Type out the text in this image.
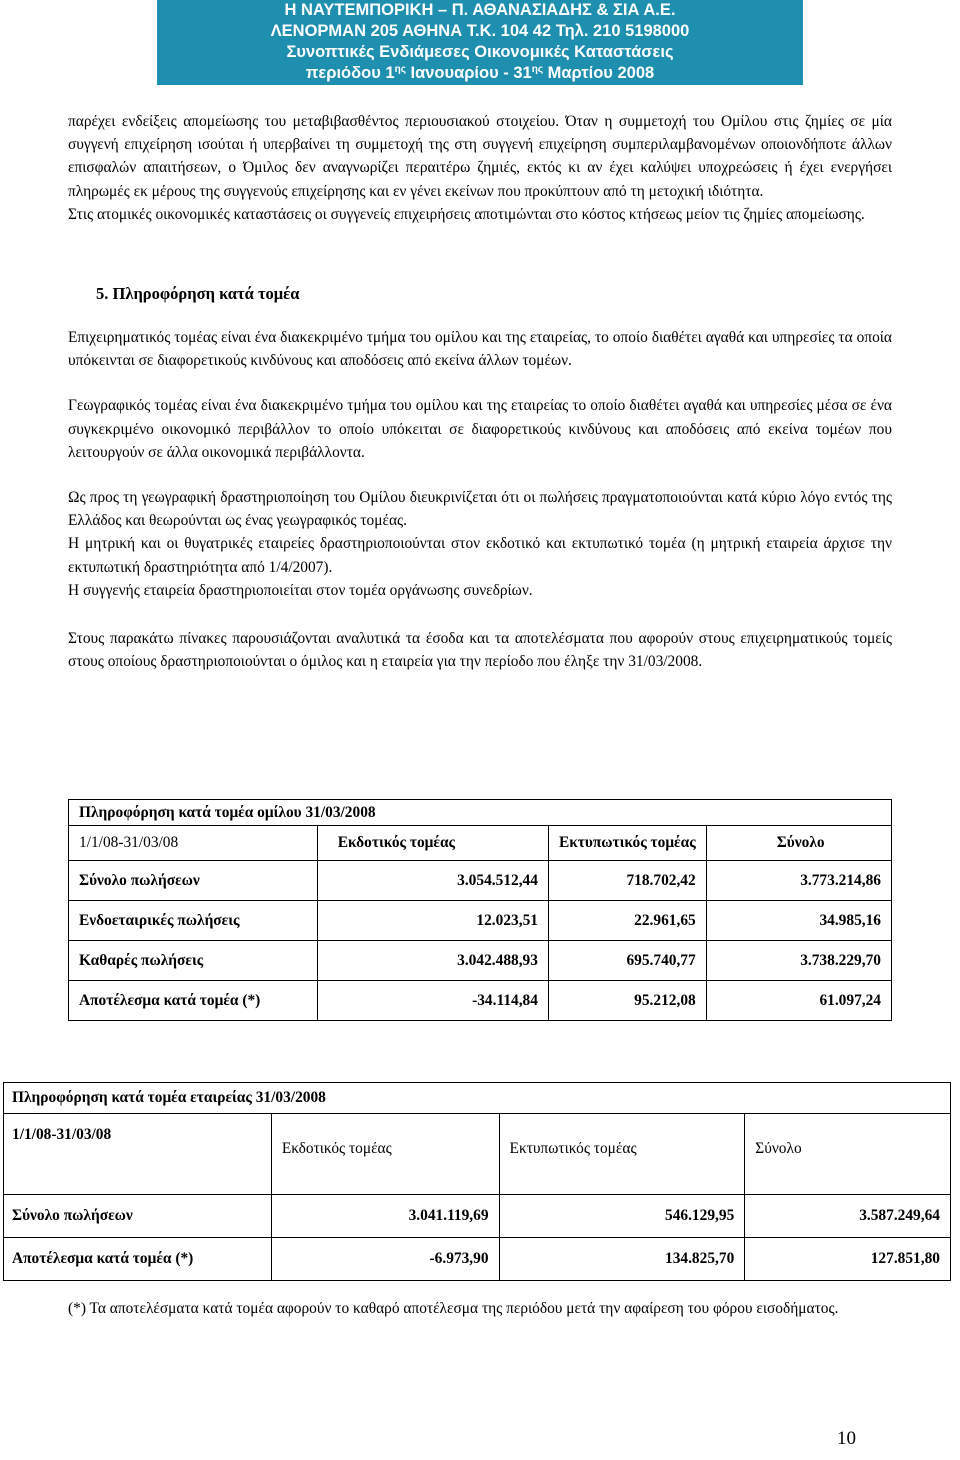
Η ΝΑΥΤΕΜΠΟΡΙΚΗ – Π. ΑΘΑΝΑΣΙΑΔΗΣ & ΣΙΑ Α.Ε.
ΛΕΝΟΡΜΑΝ 205 ΑΘΗΝΑ Τ.Κ. 104 42 Τηλ. 210 5198000
Συνοπτικές Ενδιάμεσες Οικονομικές Καταστάσεις
περιόδου $1^{\eta\varsigma}$ Ιανουαρίου - $31^{\eta\varsigma}$ Μαρτίου 2008

παρέχει ενδείξεις απομείωσης του μεταβιβασθέντος περιουσιακού στοιχείου. Όταν η συμμετοχή του Ομίλου στις ζημίες σε μία συγγενή επιχείρηση ισούται ή υπερβαίνει τη συμμετοχή της στη συγγενή επιχείρηση συμπεριλαμβανομένων οποιονδήποτε άλλων επισφαλών απαιτήσεων, ο Όμιλος δεν αναγνωρίζει περαιτέρω ζημιές, εκτός κι αν έχει καλύψει υποχρεώσεις ή έχει ενεργήσει πληρωμές εκ μέρους της συγγενούς επιχείρησης και εν γένει εκείνων που προκύπτουν από τη μετοχική ιδιότητα.

Στις ατομικές οικονομικές καταστάσεις οι συγγενείς επιχειρήσεις αποτιμώνται στο κόστος κτήσεως μείον τις ζημίες απομείωσης.

5. Πληροφόρηση κατά τομέα

Επιχειρηματικός τομέας είναι ένα διακεκριμένο τμήμα του ομίλου και της εταιρείας, το οποίο διαθέτει αγαθά και υπηρεσίες τα οποία υπόκεινται σε διαφορετικούς κινδύνους και αποδόσεις από εκείνα άλλων τομέων.

Γεωγραφικός τομέας είναι ένα διακεκριμένο τμήμα του ομίλου και της εταιρείας το οποίο διαθέτει αγαθά και υπηρεσίες μέσα σε ένα συγκεκριμένο οικονομικό περιβάλλον το οποίο υπόκειται σε διαφορετικούς κινδύνους και αποδόσεις από εκείνα τομέων που λειτουργούν σε άλλα οικονομικά περιβάλλοντα.

Ως προς τη γεωγραφική δραστηριοποίηση του Ομίλου διευκρινίζεται ότι οι πωλήσεις πραγματοποιούνται κατά κύριο λόγο εντός της Ελλάδος και θεωρούνται ως ένας γεωγραφικός τομέας.

Η μητρική και οι θυγατρικές εταιρείες δραστηριοποιούνται στον εκδοτικό και εκτυπωτικό τομέα (η μητρική εταιρεία άρχισε την εκτυπωτική δραστηριότητα από 1/4/2007).

Η συγγενής εταιρεία δραστηριοποιείται στον τομέα οργάνωσης συνεδρίων.

Στους παρακάτω πίνακες παρουσιάζονται αναλυτικά τα έσοδα και τα αποτελέσματα που αφορούν στους επιχειρηματικούς τομείς στους οποίους δραστηριοποιούνται ο όμιλος και η εταιρεία για την περίοδο που έληξε την 31/03/2008.

Πληροφόρηση κατά τομέα ομίλου 31/03/2008			
1/1/08-31/03/08	Εκδοτικός τομέας	Εκτυπωτικός τομέας	Σύνολο
Σύνολο πωλήσεων	3.054.512,44	718.702,42	3.773.214,86
Ενδοεταιρικές πωλήσεις	12.023,51	22.961,65	34.985,16
Καθαρές πωλήσεις	3.042.488,93	695.740,77	3.738.229,70
Αποτέλεσμα κατά τομέα (*)	-34.114,84	95.212,08	61.097,24
Πληροφόρηση κατά τομέα εταιρείας 31/03/2008			
1/1/08-31/03/08	Εκδοτικός τομέας	Εκτυπωτικός τομέας	Σύνολο
Σύνολο πωλήσεων	3.041.119,69	546.129,95	3.587.249,64
Αποτέλεσμα κατά τομέα (*)	-6.973,90	134.825,70	127.851,80

(*) Τα αποτελέσματα κατά τομέα αφορούν το καθαρό αποτέλεσμα της περιόδου μετά την αφαίρεση του φόρου εισοδήματος.

10
